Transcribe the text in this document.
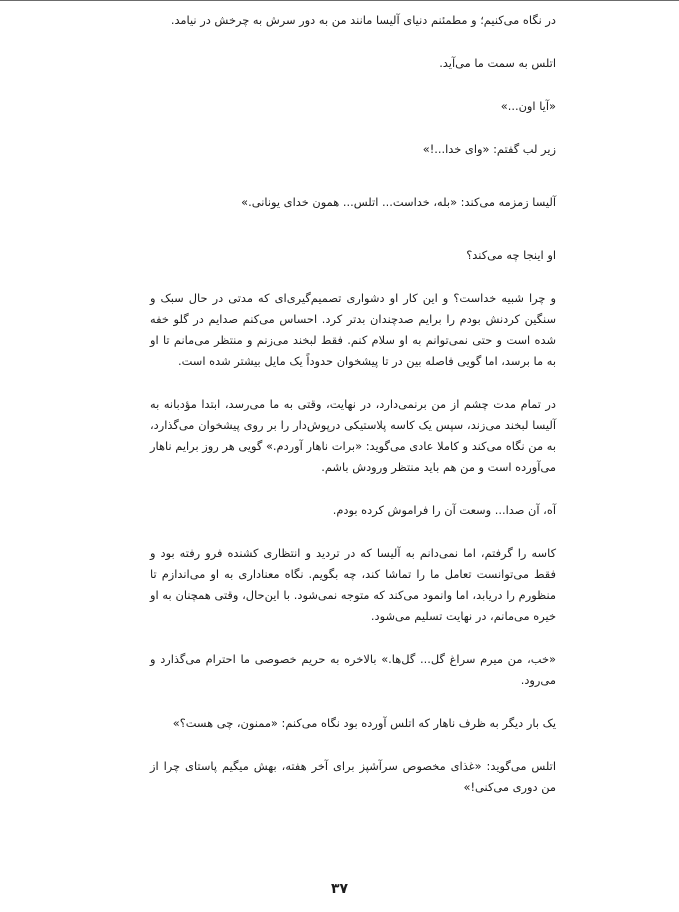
در نگاه می‌کنیم؛ و مطمئنم دنیای آلیسا مانند من به دور سرش به چرخش در نیامد.

اتلس به سمت ما می‌آید.

«آیا اون...»

زیر لب گفتم: «وای خدا...!»

آلیسا زمزمه می‌کند: «بله، خداست... اتلس... همون خدای یونانی.»

او اینجا چه می‌کند؟

و چرا شبیه خداست؟ و این کار او دشواری تصمیم‌گیری‌ای که مدتی در حال سبک و سنگین کردنش بودم را برایم صدچندان بدتر کرد. احساس می‌کنم صدایم در گلو خفه شده است و حتی نمی‌توانم به او سلام کنم. فقط لبخند می‌زنم و منتظر می‌مانم تا او به ما برسد، اما گویی فاصله بین در تا پیشخوان حدوداً یک مایل بیشتر شده است.

در تمام مدت چشم از من برنمی‌دارد، در نهایت، وقتی به ما می‌رسد، ابتدا مؤدبانه به آلیسا لبخند می‌زند، سپس یک کاسه پلاستیکی درپوش‌دار را بر روی پیشخوان می‌گذارد، به من نگاه می‌کند و کاملا عادی می‌گوید: «برات ناهار آوردم.» گویی هر روز برایم ناهار می‌آورده است و من هم باید منتظر ورودش باشم.

آه، آن صدا... وسعت آن را فراموش کرده بودم.

کاسه را گرفتم، اما نمی‌دانم به آلیسا که در تردید و انتظاری کشنده فرو رفته بود و فقط می‌توانست تعامل ما را تماشا کند، چه بگویم. نگاه معناداری به او می‌اندازم تا منظورم را دریابد، اما وانمود می‌کند که متوجه نمی‌شود. با این‌حال، وقتی همچنان به او خیره می‌مانم، در نهایت تسلیم می‌شود.

«خب، من میرم سراغ گل... گل‌ها.» بالاخره به حریم خصوصی ما احترام می‌گذارد و می‌رود.

یک بار دیگر به ظرف ناهار که اتلس آورده بود نگاه می‌کنم: «ممنون، چی هست؟»

اتلس می‌گوید: «غذای مخصوص سرآشپز برای آخر هفته، بهش میگیم پاستای چرا از من دوری می‌کنی!»

۳۷
